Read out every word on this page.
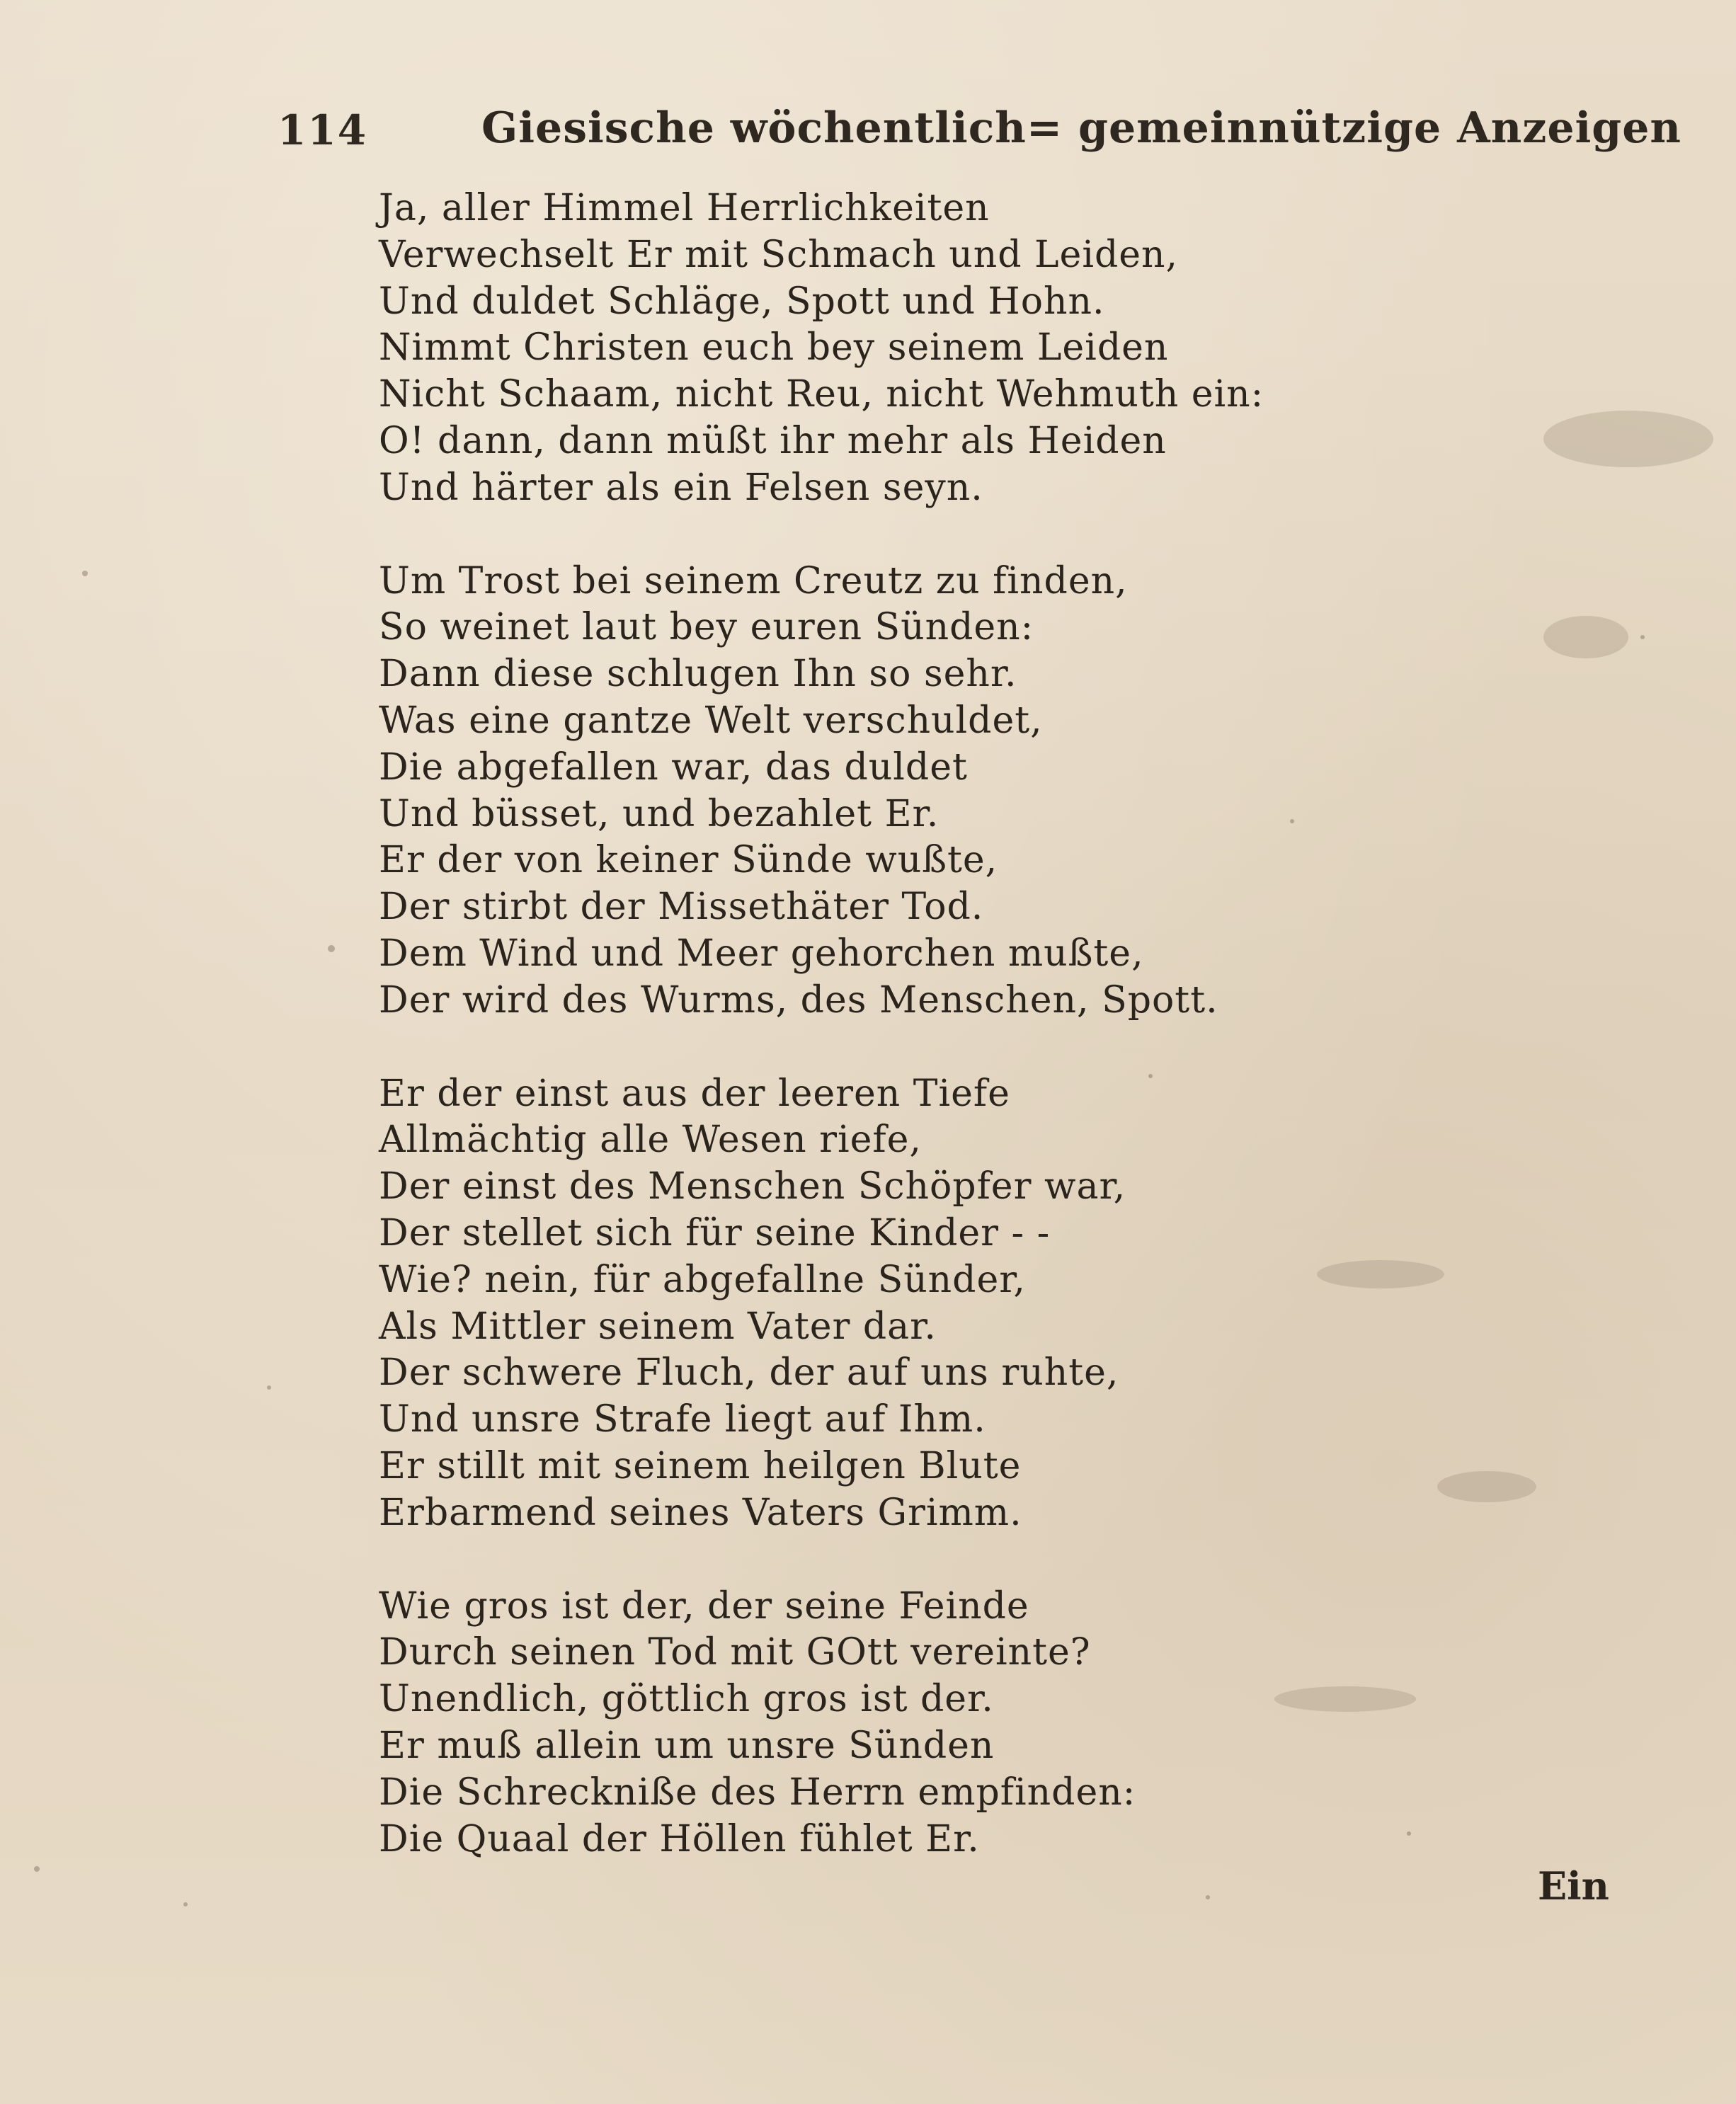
114	Giesische wöchentlich= gemeinnützige Anzeigen
Ja, aller Himmel Herrlichkeiten
Verwechselt Er mit Schmach und Leiden,
Und duldet Schläge, Spott und Hohn.
Nimmt Christen euch bey seinem Leiden
Nicht Schaam, nicht Reu, nicht Wehmuth ein:
O! dann, dann müßt ihr mehr als Heiden
Und härter als ein Felsen seyn.
Um Trost bei seinem Creutz zu finden,
So weinet laut bey euren Sünden:
Dann diese schlugen Ihn so sehr.
Was eine gantze Welt verschuldet,
Die abgefallen war, das duldet
Und büsset, und bezahlet Er.
Er der von keiner Sünde wußte,
Der stirbt der Missethäter Tod.
Dem Wind und Meer gehorchen mußte,
Der wird des Wurms, des Menschen, Spott.
Er der einst aus der leeren Tiefe
Allmächtig alle Wesen riefe,
Der einst des Menschen Schöpfer war,
Der stellet sich für seine Kinder - -
Wie? nein, für abgefallne Sünder,
Als Mittler seinem Vater dar.
Der schwere Fluch, der auf uns ruhte,
Und unsre Strafe liegt auf Ihm.
Er stillt mit seinem heilgen Blute
Erbarmend seines Vaters Grimm.
Wie gros ist der, der seine Feinde
Durch seinen Tod mit GOtt vereinte?
Unendlich, göttlich gros ist der.
Er muß allein um unsre Sünden
Die Schreckniße des Herrn empfinden:
Die Quaal der Höllen fühlet Er.
Ein
